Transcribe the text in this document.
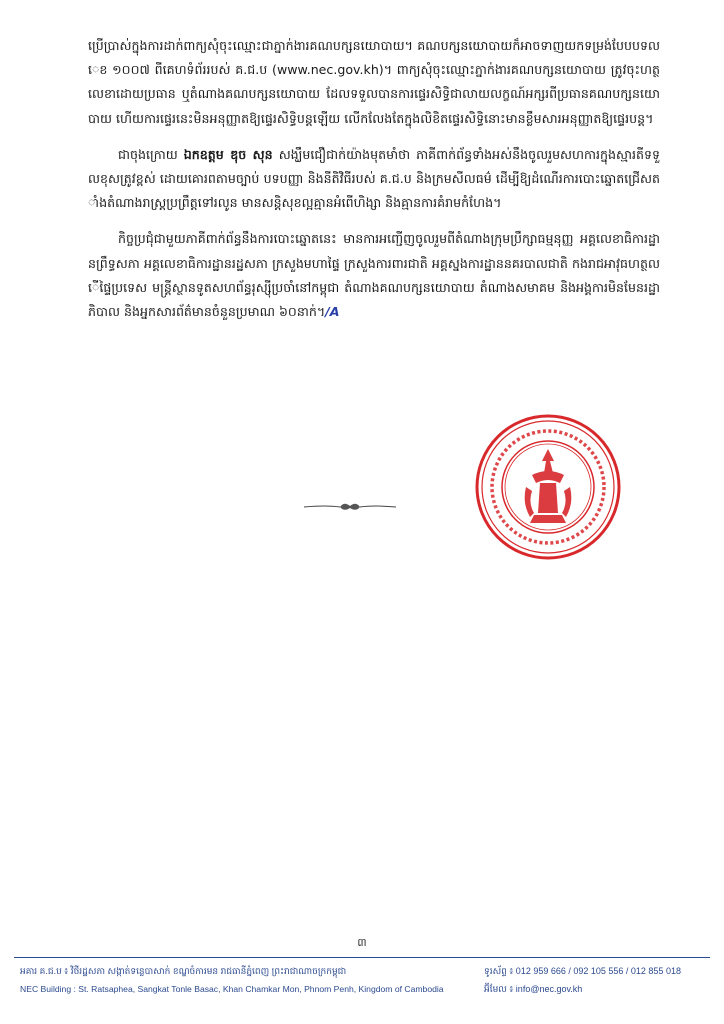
ប្រើប្រាស់ក្នុងការដាក់ពាក្យសុំចុះឈ្មោះជាភ្នាក់ងារគណបក្សនយោបាយ។ គណបក្សនយោបាយក៏អាចទាញយកទម្រង់បែបបទលេខ ១០០៧ ពីគេហទំព័ររបស់ គ.ជ.ប (www.nec.gov.kh)។ ពាក្យសុំចុះឈ្មោះភ្នាក់ងារគណបក្សនយោបាយ ត្រូវចុះហត្ថលេខាដោយប្រធាន ឬតំណាងគណបក្សនយោបាយ ដែលទទួលបានការផ្ទេរសិទ្ធិជាលាយលក្ខណ៍អក្សរពីប្រធានគណបក្សនយោបាយ ហើយការផ្ទេរនេះមិនអនុញ្ញាតឱ្យផ្ទេរសិទ្ធិបន្តឡើយ លើកលែងតែក្នុងលិខិតផ្ទេរសិទ្ធិនោះមានខ្លឹមសារអនុញ្ញាតឱ្យផ្ទេរបន្ត។

ជាចុងក្រោយ ឯកឧត្តម ឌុច សុន សង្ឃឹមជឿជាក់យ៉ាងមុតមាំថា ភាគីពាក់ព័ន្ធទាំងអស់នឹងចូលរួមសហការក្នុងស្មារតីទទួលខុសត្រូវខ្ពស់ ដោយគោរពតាមច្បាប់ បទបញ្ញា និងនីតិវិធីរបស់ គ.ជ.ប និងក្រមសីលធម៌ ដើម្បីឱ្យដំណើរការបោះឆ្នោតជ្រើសតាំងតំណាងរាស្ត្រប្រព្រឹត្តទៅរលូន មានសន្តិសុខល្អគ្មានអំពើហិង្សា និងគ្មានការគំរាមកំហែង។

កិច្ចប្រជុំជាមួយភាគីពាក់ព័ន្ធនឹងការបោះឆ្នោតនេះ មានការអញ្ជើញចូលរួមពីតំណាងក្រុមប្រឹក្សាធម្មនុញ្ញ អគ្គលេខាធិការដ្ឋានព្រឹទ្ធសភា អគ្គលេខាធិការដ្ឋានរដ្ឋសភា ក្រសួងមហាផ្ទៃ ក្រសួងការពារជាតិ អគ្គស្នងការដ្ឋាននគរបាលជាតិ កងរាជអាវុធហត្ថលើផ្ទៃប្រទេស មន្ត្រីស្ថានទូតសហព័ន្ធរុស្ស៊ីប្រចាំនៅកម្ពុជា តំណាងគណបក្សនយោបាយ តំណាងសមាគម និងអង្គការមិនមែនរដ្ឋាភិបាល និងអ្នកសារព័ត៌មានចំនួនប្រមាណ ៦០នាក់។/A

៣
អគារ គ.ជ.ប ៖ វិថីរដ្ឋសភា សង្កាត់ទន្លេបាសាក់ ខណ្ឌចំការមន រាជធានីភ្នំពេញ ព្រះរាជាណាចក្រកម្ពុជា
NEC Building : St. Ratsaphea, Sangkat Tonle Basac, Khan Chamkar Mon, Phnom Penh, Kingdom of Cambodia
ទូរស័ព្ទ ៖ 012 959 666 / 092 105 556 / 012 855 018
អ៊ីមែល ៖ info@nec.gov.kh
